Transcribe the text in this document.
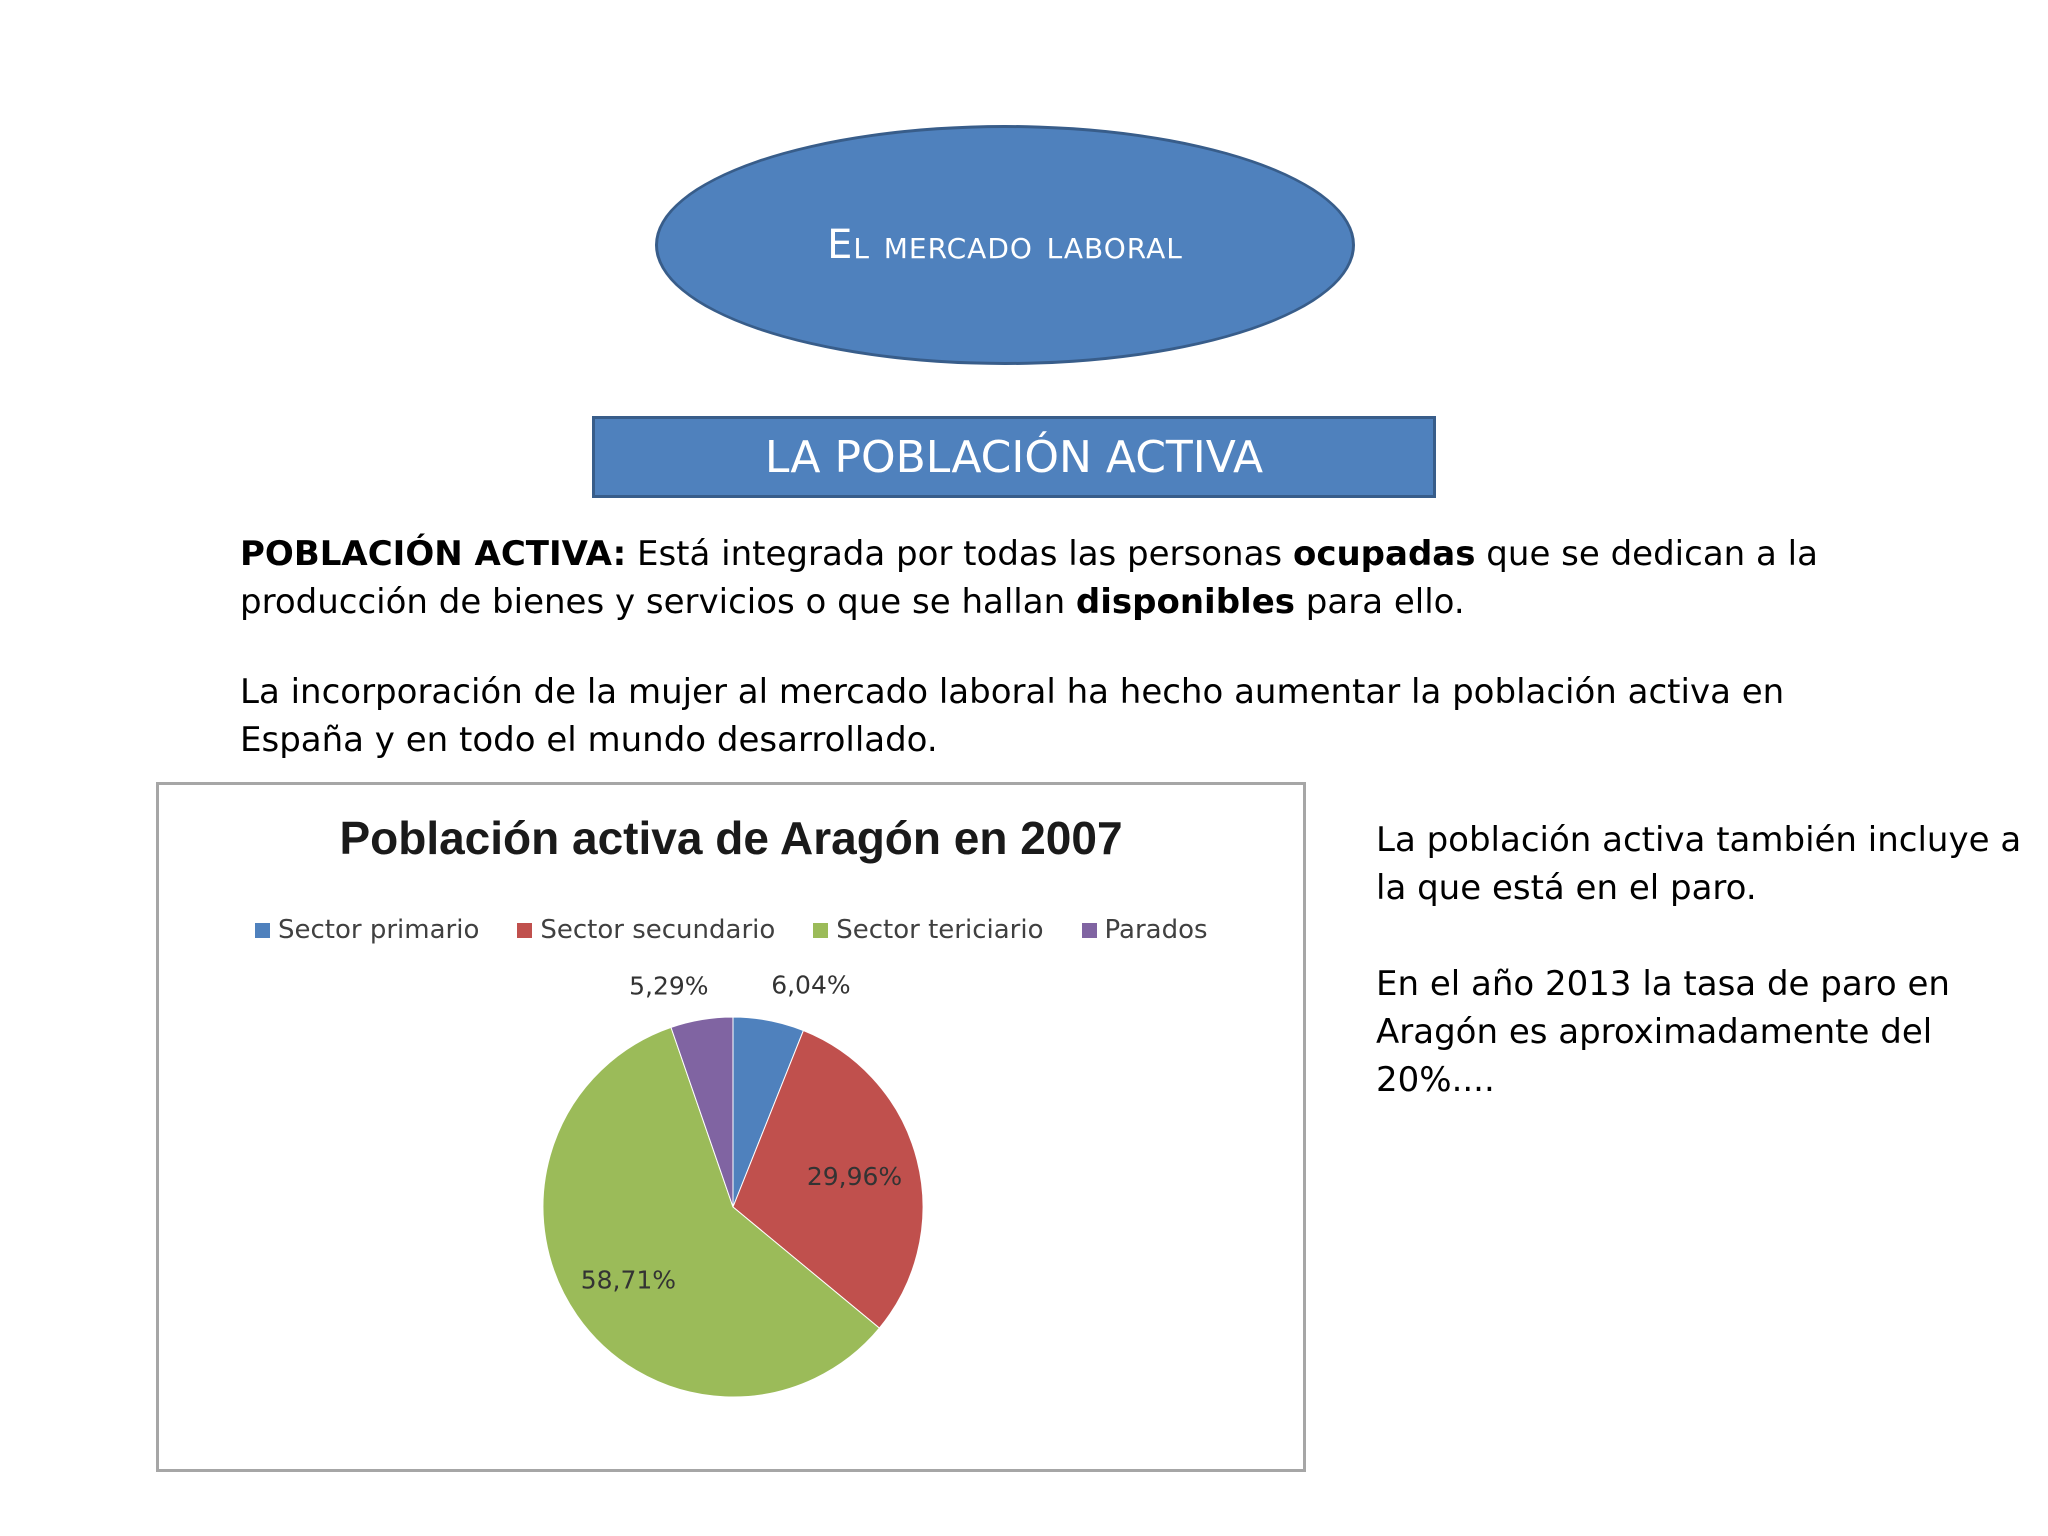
El mercado laboral
LA POBLACIÓN ACTIVA
POBLACIÓN ACTIVA: Está integrada por todas las personas ocupadas que se dedican a la producción de bienes y servicios o que se hallan disponibles para ello.
La incorporación de la mujer al mercado laboral ha hecho aumentar la población activa en España y en todo el mundo desarrollado.
La población activa también incluye a la que está en el paro.
En el año 2013 la tasa de paro en Aragón es aproximadamente del 20%....
Población activa de Aragón en 2007
Sector primario Sector secundario Sector tericiario Parados
6,04%
29,96%
58,71%
5,29%
